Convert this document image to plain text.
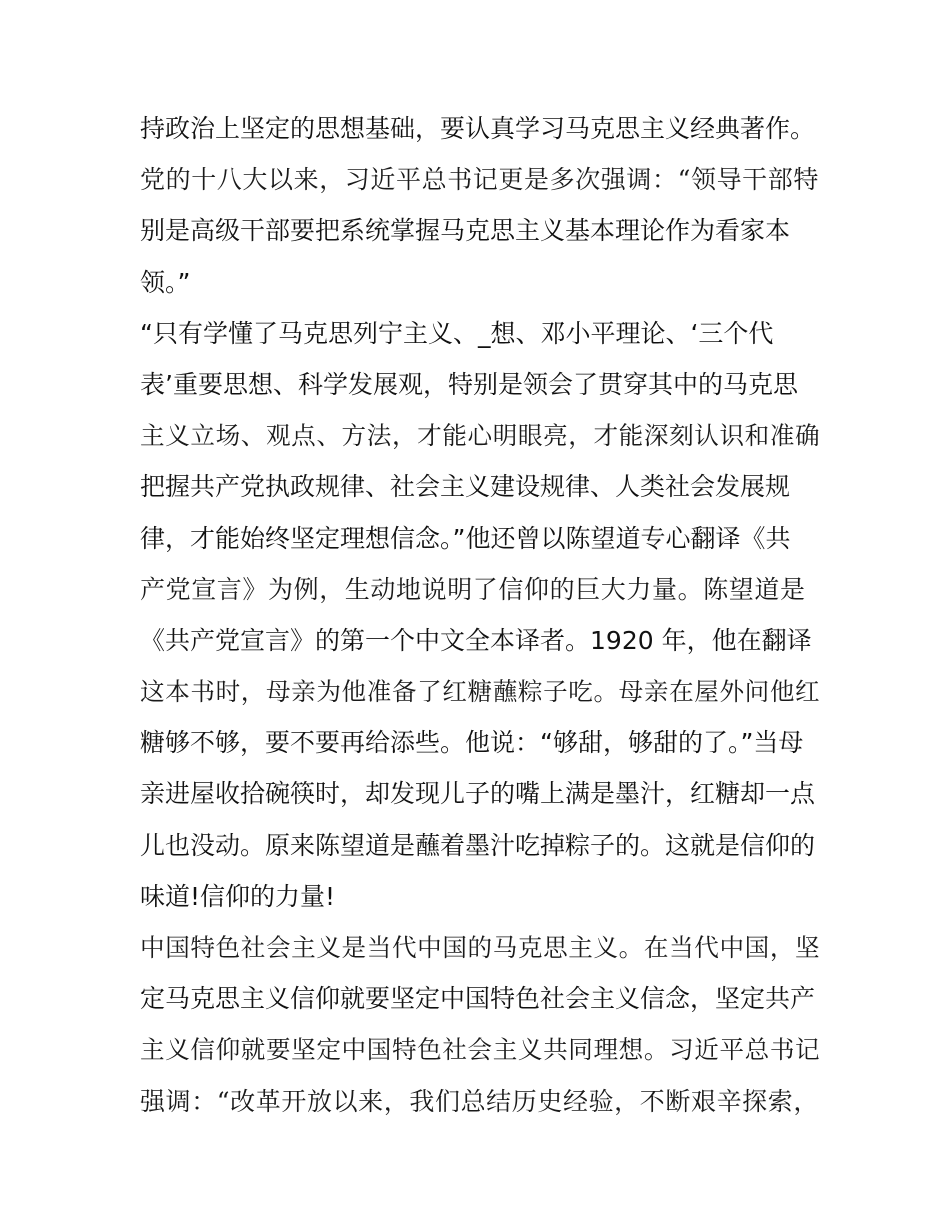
持政治上坚定的思想基础，要认真学习马克思主义经典著作。
党的十八大以来，习近平总书记更是多次强调：“领导干部特
别是高级干部要把系统掌握马克思主义基本理论作为看家本
领。”
“只有学懂了马克思列宁主义、_想、邓小平理论、‘三个代
表’重要思想、科学发展观，特别是领会了贯穿其中的马克思
主义立场、观点、方法，才能心明眼亮，才能深刻认识和准确
把握共产党执政规律、社会主义建设规律、人类社会发展规
律，才能始终坚定理想信念。”他还曾以陈望道专心翻译《共
产党宣言》为例，生动地说明了信仰的巨大力量。陈望道是
《共产党宣言》的第一个中文全本译者。1920 年，他在翻译
这本书时，母亲为他准备了红糖蘸粽子吃。母亲在屋外问他红
糖够不够，要不要再给添些。他说：“够甜，够甜的了。”当母
亲进屋收拾碗筷时，却发现儿子的嘴上满是墨汁，红糖却一点
儿也没动。原来陈望道是蘸着墨汁吃掉粽子的。这就是信仰的
味道!信仰的力量!
中国特色社会主义是当代中国的马克思主义。在当代中国，坚
定马克思主义信仰就要坚定中国特色社会主义信念，坚定共产
主义信仰就要坚定中国特色社会主义共同理想。习近平总书记
强调：“改革开放以来，我们总结历史经验，不断艰辛探索，
